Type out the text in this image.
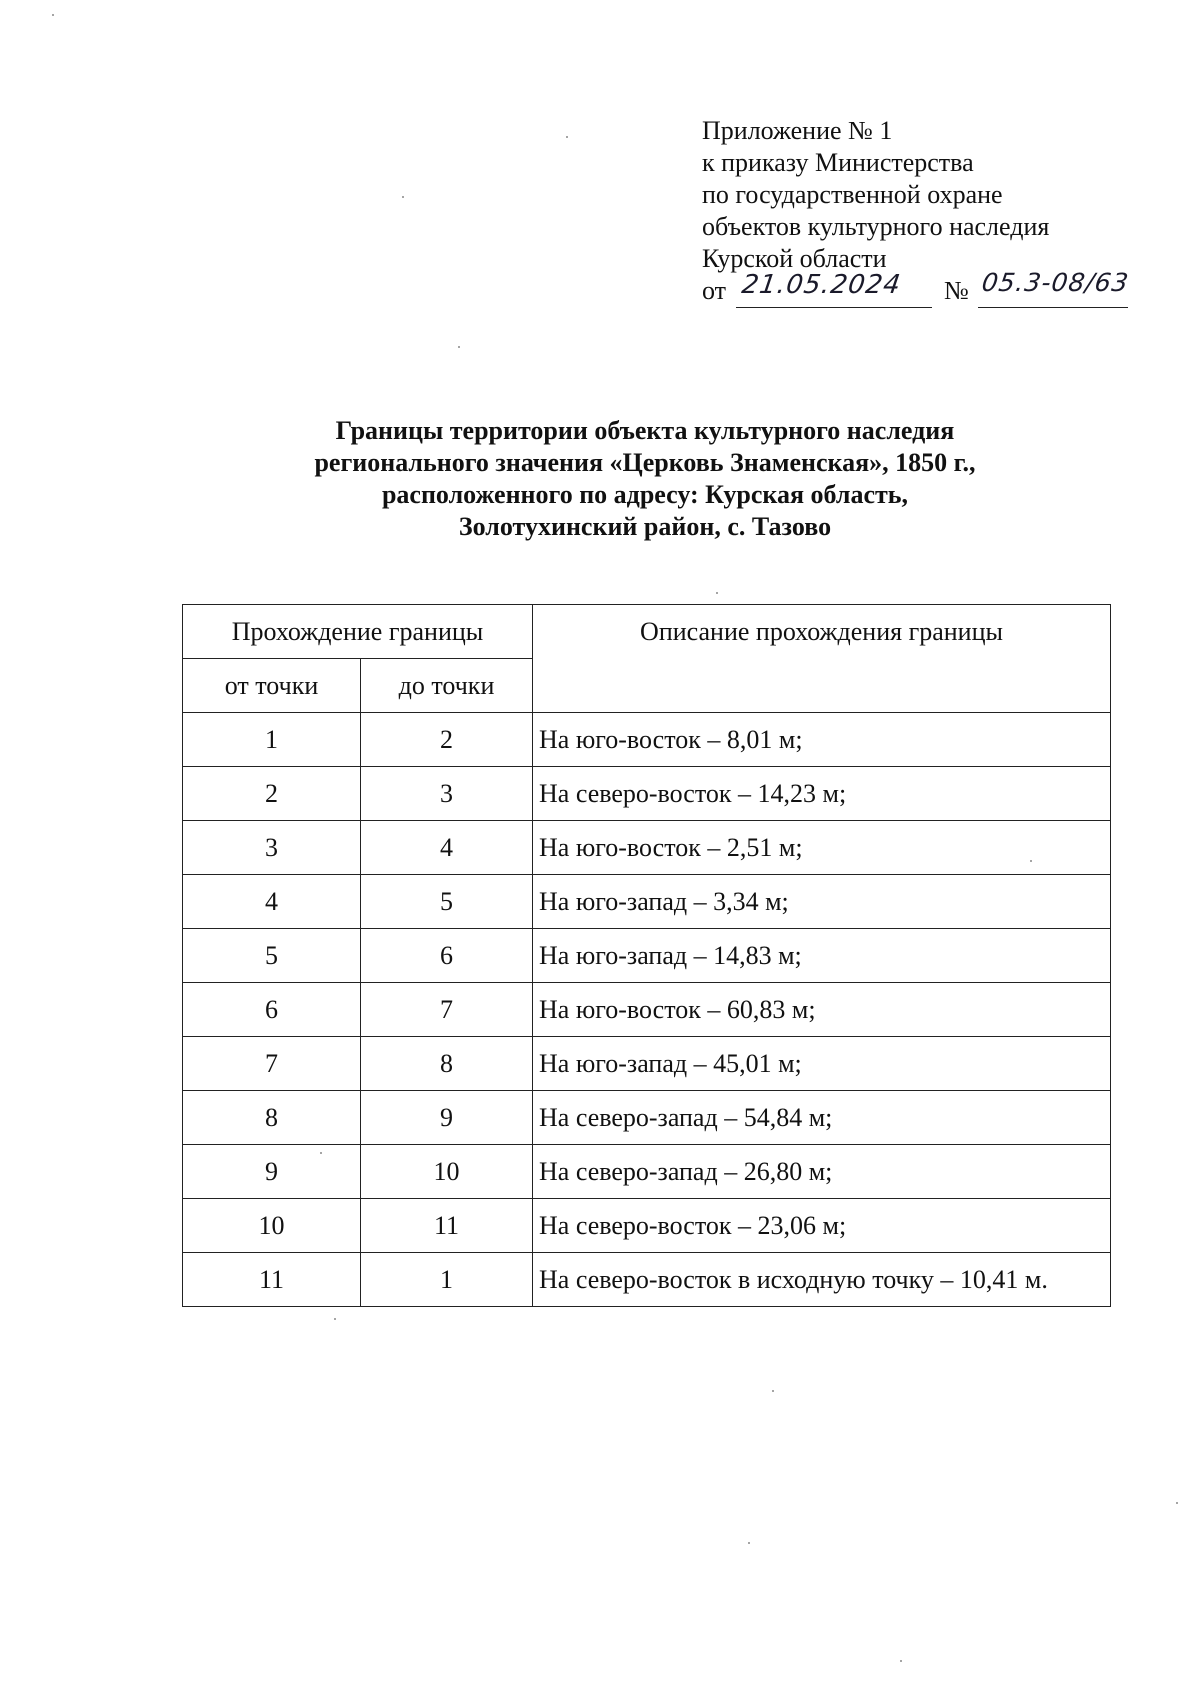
Приложение № 1
к приказу Министерства
по государственной охране
объектов культурного наследия
Курской области
от 21.05.2024 № 05.3-08/63
Границы территории объекта культурного наследия
регионального значения «Церковь Знаменская», 1850 г.,
расположенного по адресу: Курская область,
Золотухинский район, с. Тазово
Прохождение границы		Описание прохождения границы
от точки	до точки	
1	2	На юго-восток – 8,01 м;
2	3	На северо-восток – 14,23 м;
3	4	На юго-восток – 2,51 м;
4	5	На юго-запад – 3,34 м;
5	6	На юго-запад – 14,83 м;
6	7	На юго-восток – 60,83 м;
7	8	На юго-запад – 45,01 м;
8	9	На северо-запад – 54,84 м;
9	10	На северо-запад – 26,80 м;
10	11	На северо-восток – 23,06 м;
11	1	На северо-восток в исходную точку – 10,41 м.
